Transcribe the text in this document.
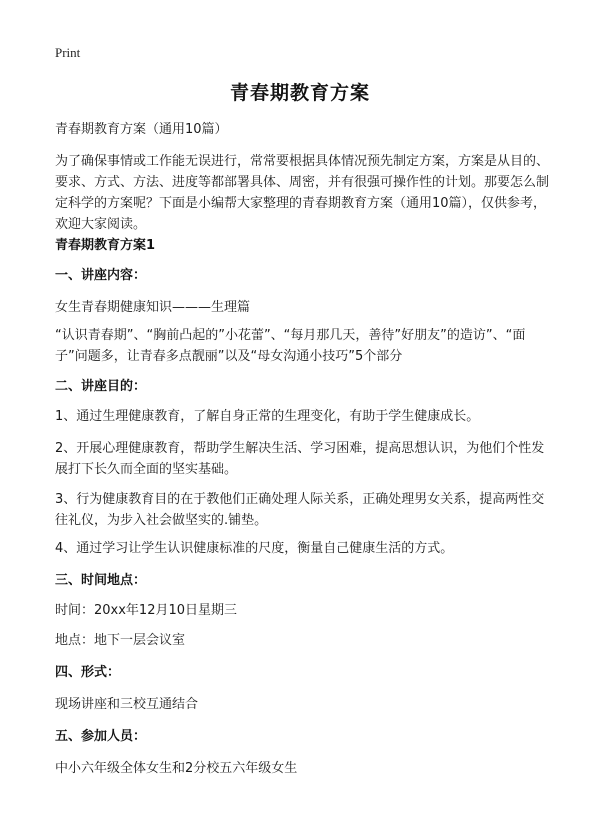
Print
青春期教育方案
青春期教育方案（通用10篇）
为了确保事情或工作能无误进行，常常要根据具体情况预先制定方案，方案是从目的、要求、方式、方法、进度等都部署具体、周密，并有很强可操作性的计划。那要怎么制定科学的方案呢？下面是小编帮大家整理的青春期教育方案（通用10篇），仅供参考，欢迎大家阅读。
青春期教育方案1
一、讲座内容：
女生青春期健康知识———生理篇
“认识青春期”、“胸前凸起的”小花蕾”、“每月那几天，善待”好朋友”的造访”、“面子”问题多，让青春多点靓丽”以及“母女沟通小技巧”5个部分
二、讲座目的：
1、通过生理健康教育，了解自身正常的生理变化，有助于学生健康成长。
2、开展心理健康教育，帮助学生解决生活、学习困难，提高思想认识，为他们个性发展打下长久而全面的坚实基础。
3、行为健康教育目的在于教他们正确处理人际关系，正确处理男女关系，提高两性交往礼仪，为步入社会做坚实的.铺垫。
4、通过学习让学生认识健康标准的尺度，衡量自己健康生活的方式。
三、时间地点：
时间：20xx年12月10日星期三
地点：地下一层会议室
四、形式：
现场讲座和三校互通结合
五、参加人员：
中小六年级全体女生和2分校五六年级女生
